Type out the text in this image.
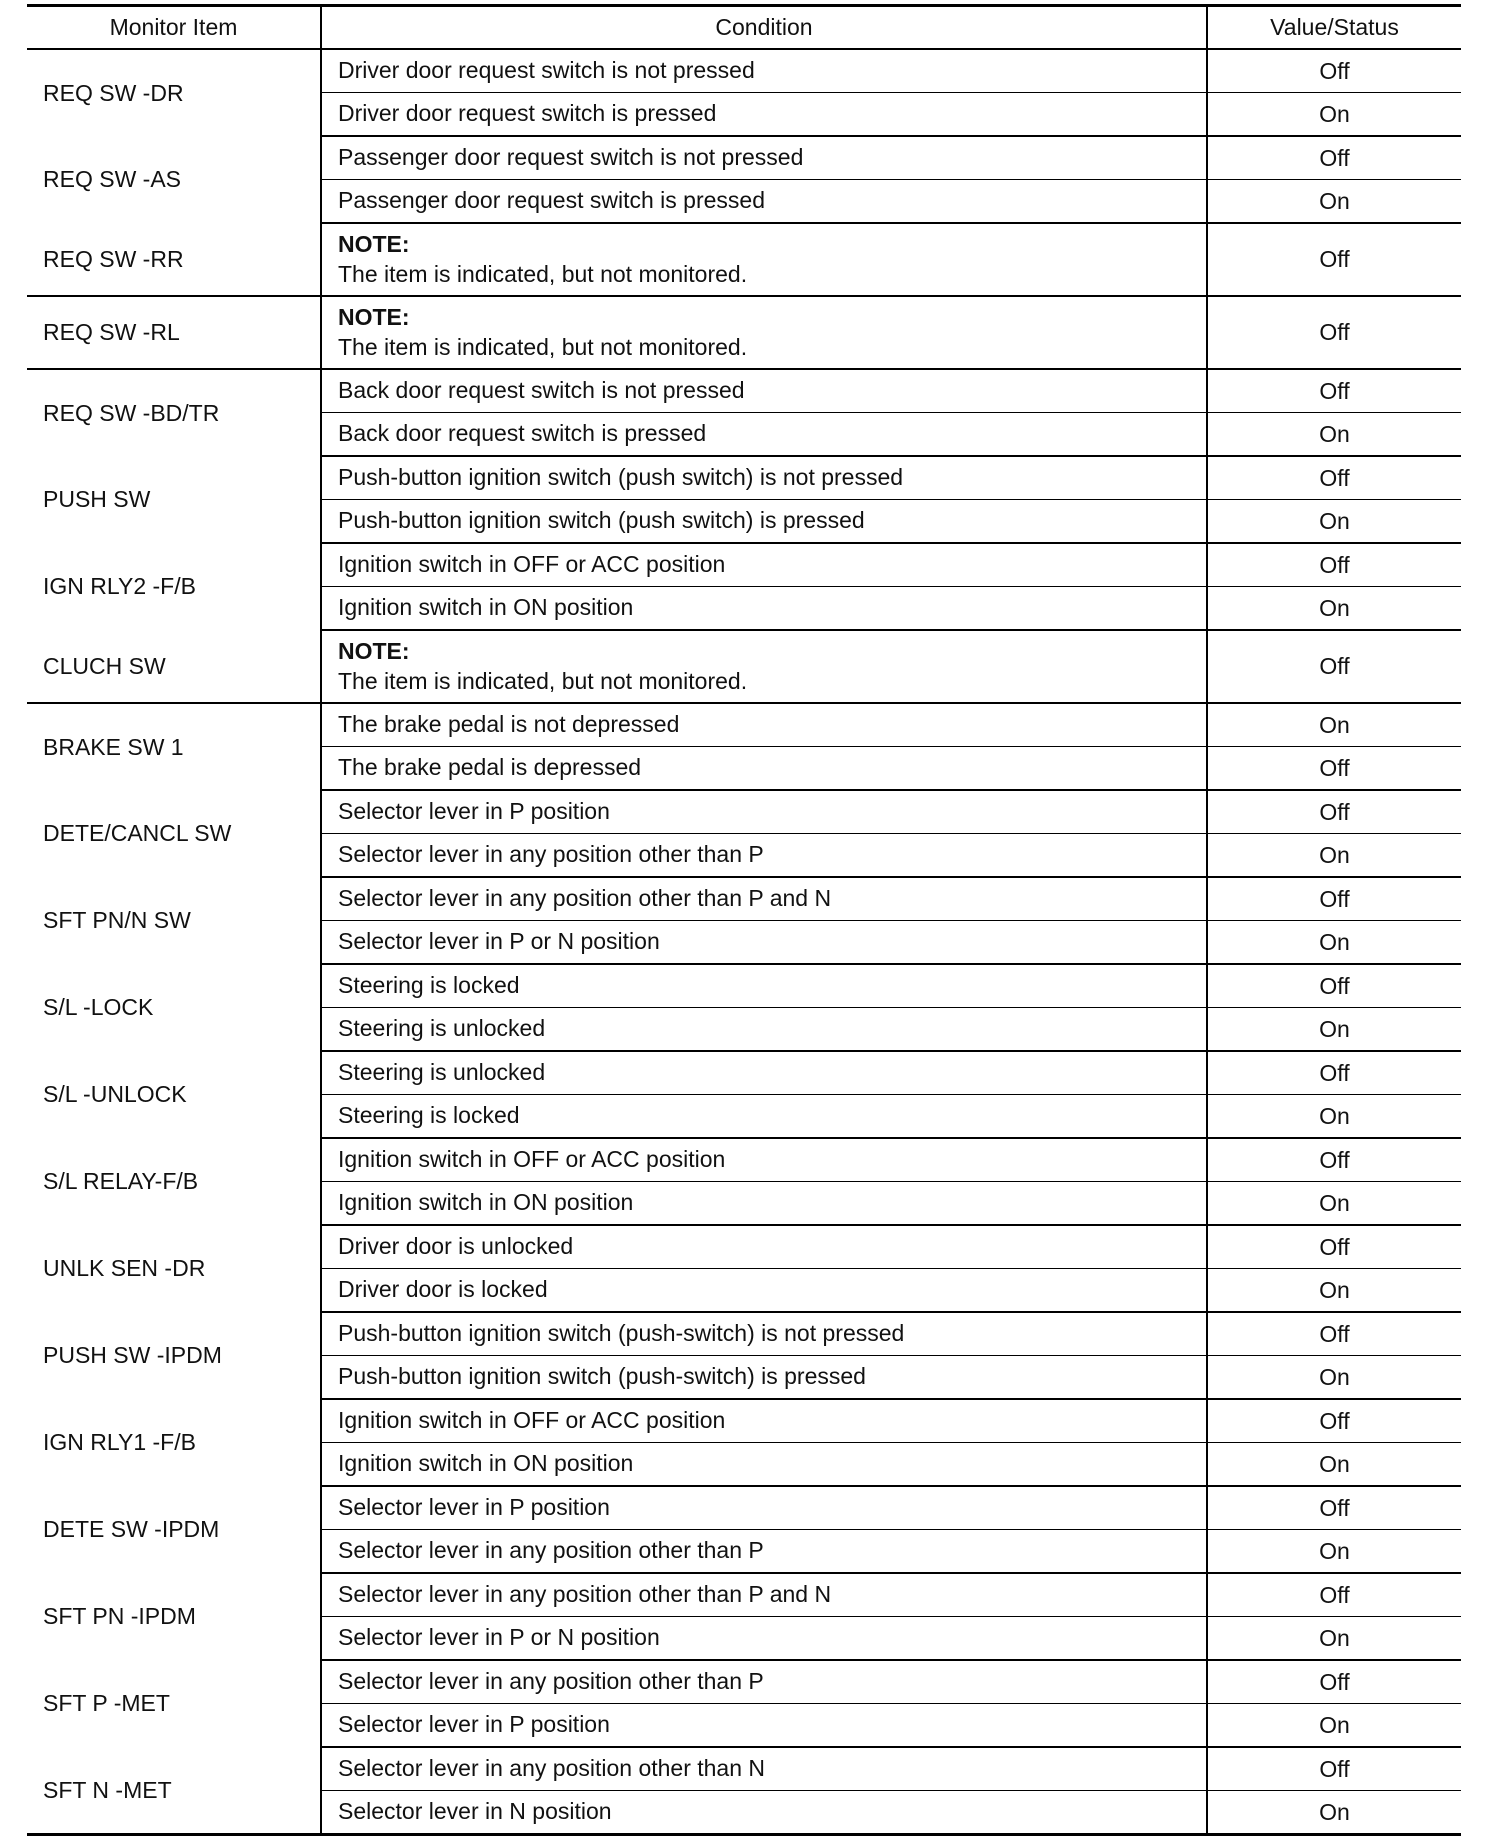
Monitor Item	Condition	Value/Status
REQ SW -DR	Driver door request switch is not pressed	Off
	Driver door request switch is pressed	On
REQ SW -AS	Passenger door request switch is not pressed	Off
	Passenger door request switch is pressed	On
REQ SW -RR	NOTE:
The item is indicated, but not monitored.	Off
REQ SW -RL	NOTE:
The item is indicated, but not monitored.	Off
REQ SW -BD/TR	Back door request switch is not pressed	Off
	Back door request switch is pressed	On
PUSH SW	Push-button ignition switch (push switch) is not pressed	Off
	Push-button ignition switch (push switch) is pressed	On
IGN RLY2 -F/B	Ignition switch in OFF or ACC position	Off
	Ignition switch in ON position	On
CLUCH SW	NOTE:
The item is indicated, but not monitored.	Off
BRAKE SW 1	The brake pedal is not depressed	On
	The brake pedal is depressed	Off
DETE/CANCL SW	Selector lever in P position	Off
	Selector lever in any position other than P	On
SFT PN/N SW	Selector lever in any position other than P and N	Off
	Selector lever in P or N position	On
S/L -LOCK	Steering is locked	Off
	Steering is unlocked	On
S/L -UNLOCK	Steering is unlocked	Off
	Steering is locked	On
S/L RELAY-F/B	Ignition switch in OFF or ACC position	Off
	Ignition switch in ON position	On
UNLK SEN -DR	Driver door is unlocked	Off
	Driver door is locked	On
PUSH SW -IPDM	Push-button ignition switch (push-switch) is not pressed	Off
	Push-button ignition switch (push-switch) is pressed	On
IGN RLY1 -F/B	Ignition switch in OFF or ACC position	Off
	Ignition switch in ON position	On
DETE SW -IPDM	Selector lever in P position	Off
	Selector lever in any position other than P	On
SFT PN -IPDM	Selector lever in any position other than P and N	Off
	Selector lever in P or N position	On
SFT P -MET	Selector lever in any position other than P	Off
	Selector lever in P position	On
SFT N -MET	Selector lever in any position other than N	Off
	Selector lever in N position	On
